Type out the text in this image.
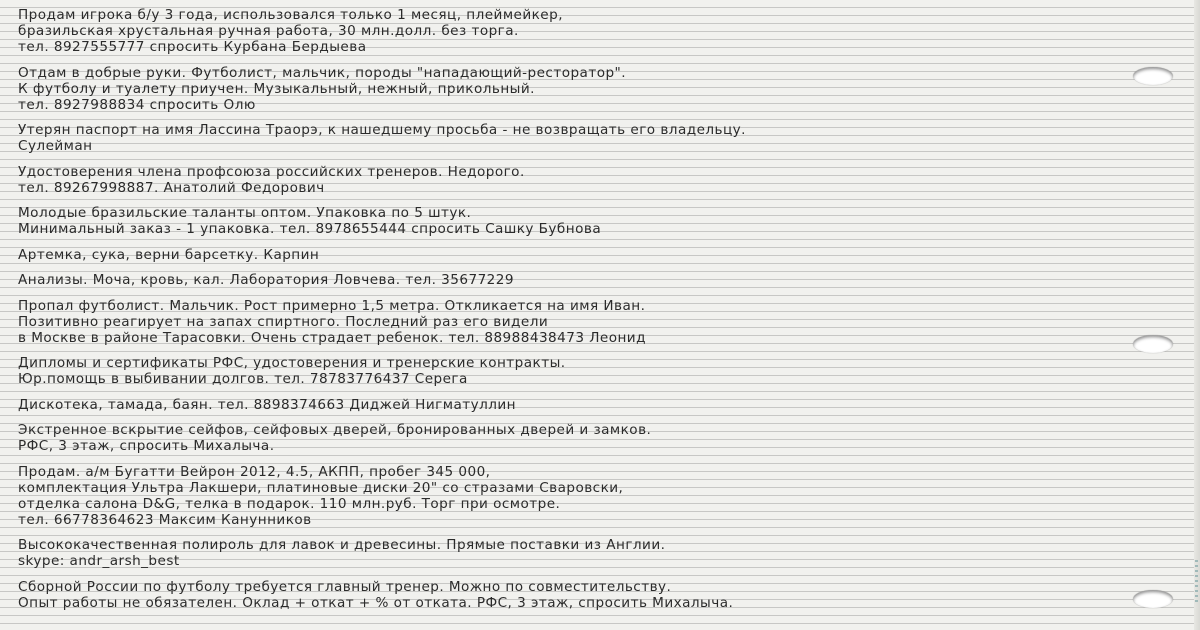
Продам игрока б/у 3 года, использовался только 1 месяц, плеймейкер,
бразильская хрустальная ручная работа, 30 млн.долл. без торга.
тел. 8927555777 спросить Курбана Бердыева
Отдам в добрые руки. Футболист, мальчик, породы "нападающий-ресторатор".
К футболу и туалету приучен. Музыкальный, нежный, прикольный.
тел. 8927988834 спросить Олю
Утерян паспорт на имя Лассина Траорэ, к нашедшему просьба - не возвращать его владельцу.
Сулейман
Удостоверения члена профсоюза российских тренеров. Недорого.
тел. 89267998887. Анатолий Федорович
Молодые бразильские таланты оптом. Упаковка по 5 штук.
Минимальный заказ - 1 упаковка. тел. 8978655444 спросить Сашку Бубнова
Артемка, сука, верни барсетку. Карпин
Анализы. Моча, кровь, кал. Лаборатория Ловчева. тел. 35677229
Пропал футболист. Мальчик. Рост примерно 1,5 метра. Откликается на имя Иван.
Позитивно реагирует на запах спиртного. Последний раз его видели
в Москве в районе Тарасовки. Очень страдает ребенок. тел. 88988438473 Леонид
Дипломы и сертификаты РФС, удостоверения и тренерские контракты.
Юр.помощь в выбивании долгов. тел. 78783776437 Серега
Дискотека, тамада, баян. тел. 8898374663 Диджей Нигматуллин
Экстренное вскрытие сейфов, сейфовых дверей, бронированных дверей и замков.
РФС, 3 этаж, спросить Михалыча.
Продам. а/м Бугатти Вейрон 2012, 4.5, АКПП, пробег 345 000,
комплектация Ультра Лакшери, платиновые диски 20" со стразами Сваровски,
отделка салона D&G, телка в подарок. 110 млн.руб. Торг при осмотре.
тел. 66778364623 Максим Канунников
Высококачественная полироль для лавок и древесины. Прямые поставки из Англии.
skype: andr_arsh_best
Сборной России по футболу требуется главный тренер. Можно по совместительству.
Опыт работы не обязателен. Оклад + откат + % от отката. РФС, 3 этаж, спросить Михалыча.
